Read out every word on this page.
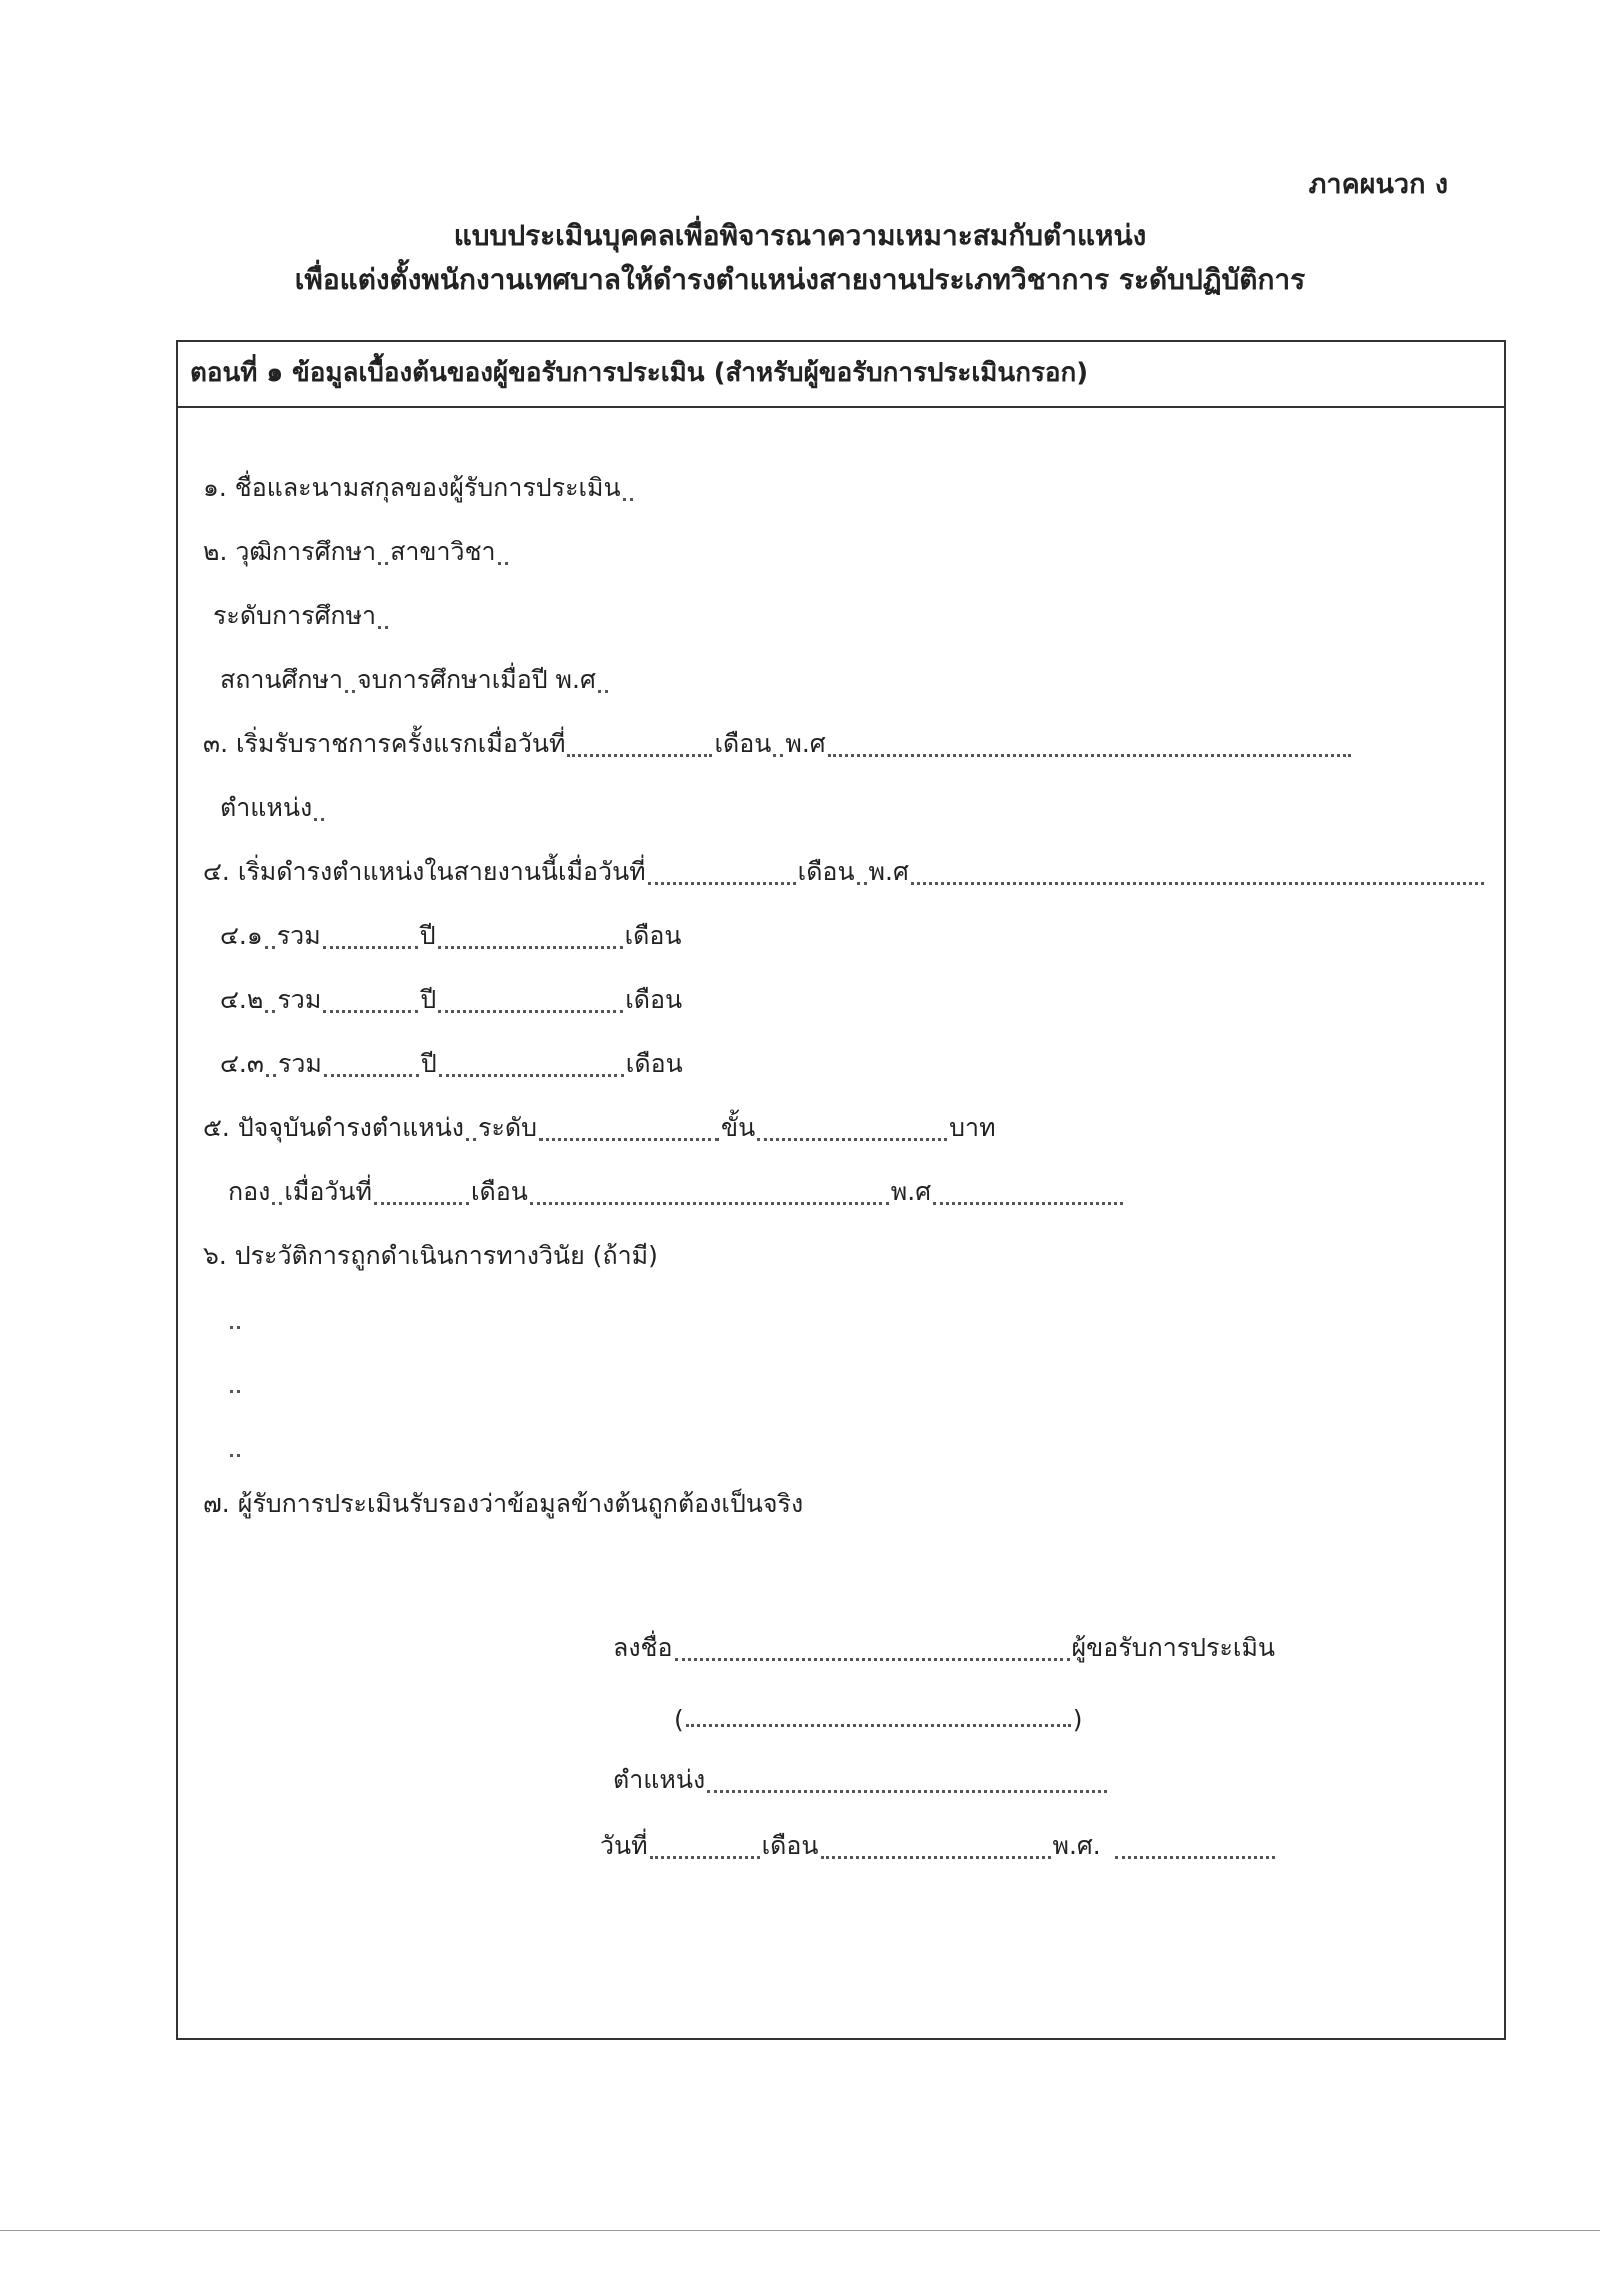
ภาคผนวก ง
แบบประเมินบุคคลเพื่อพิจารณาความเหมาะสมกับตำแหน่ง
เพื่อแต่งตั้งพนักงานเทศบาลให้ดำรงตำแหน่งสายงานประเภทวิชาการ ระดับปฏิบัติการ
ตอนที่ ๑ ข้อมูลเบื้องต้นของผู้ขอรับการประเมิน (สำหรับผู้ขอรับการประเมินกรอก)
๑. ชื่อและนามสกุลของผู้รับการประเมิน
๒. วุฒิการศึกษา สาขาวิชา
ระดับการศึกษา
สถานศึกษา จบการศึกษาเมื่อปี พ.ศ
๓. เริ่มรับราชการครั้งแรกเมื่อวันที่	เดือน พ.ศ
ตำแหน่ง
๔. เริ่มดำรงตำแหน่งในสายงานนี้เมื่อวันที่	เดือน พ.ศ
๔.๑ รวม	ปี	เดือน
๔.๒ รวม	ปี	เดือน
๔.๓ รวม	ปี	เดือน
๕. ปัจจุบันดำรงตำแหน่ง ระดับ	ขั้น	บาท
กอง เมื่อวันที่	เดือน	พ.ศ
๖. ประวัติการถูกดำเนินการทางวินัย (ถ้ามี)
๗. ผู้รับการประเมินรับรองว่าข้อมูลข้างต้นถูกต้องเป็นจริง
ลงชื่อ	ผู้ขอรับการประเมิน
(	)
ตำแหน่ง
วันที่	เดือน	พ.ศ.
